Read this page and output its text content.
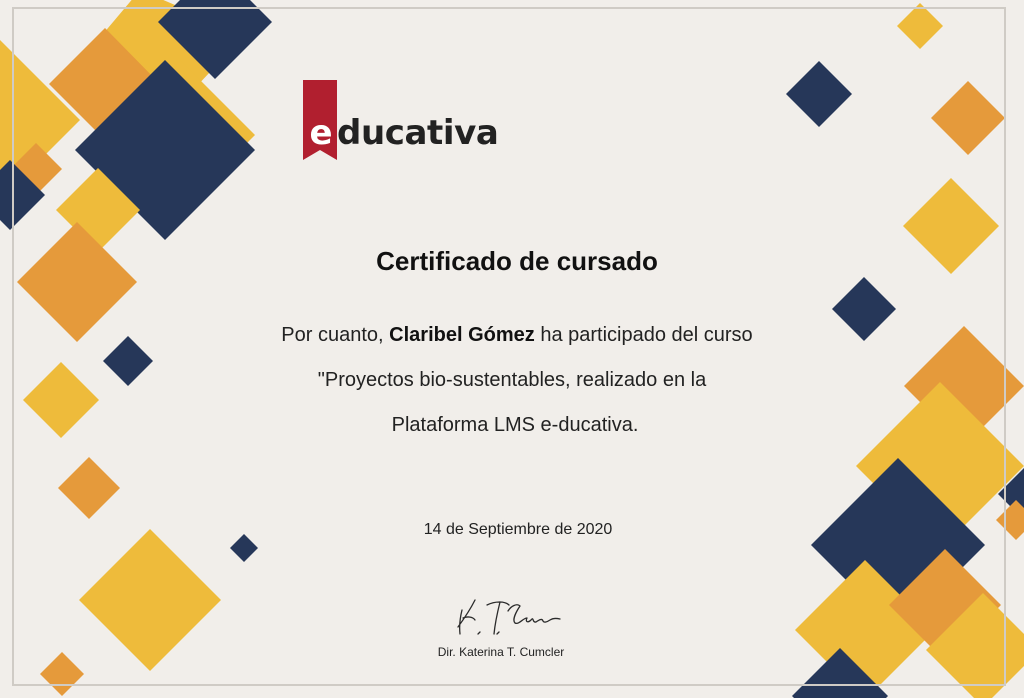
e ducativa
Certificado de cursado
Por cuanto, Claribel Gómez ha participado del curso
"Proyectos bio-sustentables, realizado en la
Plataforma LMS e-ducativa.
14 de Septiembre de 2020
Dir. Katerina T. Cumcler
